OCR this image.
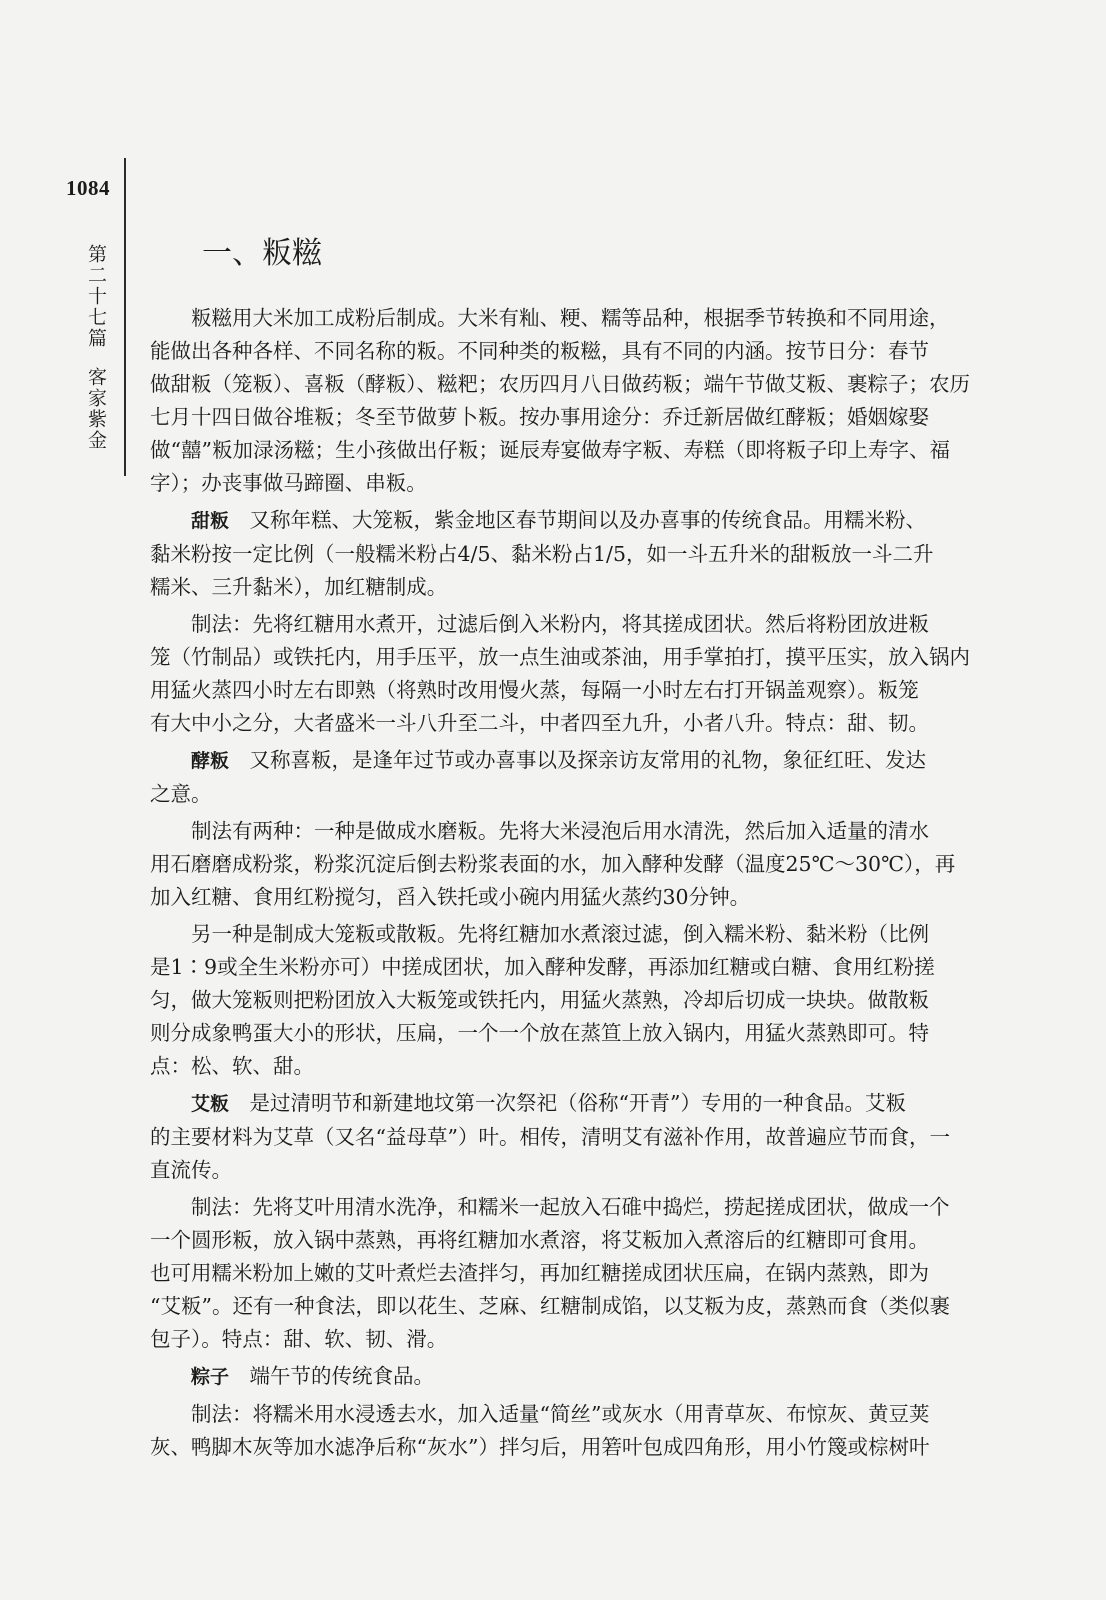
1084
第二十七篇客家紫金
一、粄糍

粄糍用大米加工成粉后制成。大米有籼、粳、糯等品种，根据季节转换和不同用途，
能做出各种各样、不同名称的粄。不同种类的粄糍，具有不同的内涵。按节日分：春节
做甜粄（笼粄）、喜粄（酵粄）、糍粑；农历四月八日做药粄；端午节做艾粄、裹粽子；农历
七月十四日做谷堆粄；冬至节做萝卜粄。按办事用途分：乔迁新居做红酵粄；婚姻嫁娶
做“囍”粄加渌汤糍；生小孩做出仔粄；诞辰寿宴做寿字粄、寿糕（即将粄子印上寿字、福
字）；办丧事做马蹄圈、串粄。

甜粄　 又称年糕、大笼粄，紫金地区春节期间以及办喜事的传统食品。用糯米粉、
黏米粉按一定比例（一般糯米粉占4/5、黏米粉占1/5，如一斗五升米的甜粄放一斗二升
糯米、三升黏米），加红糖制成。

制法：先将红糖用水煮开，过滤后倒入米粉内，将其搓成团状。然后将粉团放进粄
笼（竹制品）或铁托内，用手压平，放一点生油或茶油，用手掌拍打，摸平压实，放入锅内
用猛火蒸四小时左右即熟（将熟时改用慢火蒸，每隔一小时左右打开锅盖观察）。粄笼
有大中小之分，大者盛米一斗八升至二斗，中者四至九升，小者八升。特点：甜、韧。

酵粄　 又称喜粄，是逢年过节或办喜事以及探亲访友常用的礼物，象征红旺、发达
之意。

制法有两种：一种是做成水磨粄。先将大米浸泡后用水清洗，然后加入适量的清水
用石磨磨成粉浆，粉浆沉淀后倒去粉浆表面的水，加入酵种发酵（温度25℃～30℃），再
加入红糖、食用红粉搅匀，舀入铁托或小碗内用猛火蒸约30分钟。

另一种是制成大笼粄或散粄。先将红糖加水煮滚过滤，倒入糯米粉、黏米粉（比例
是1∶9或全生米粉亦可）中搓成团状，加入酵种发酵，再添加红糖或白糖、食用红粉搓
匀，做大笼粄则把粉团放入大粄笼或铁托内，用猛火蒸熟，冷却后切成一块块。做散粄
则分成象鸭蛋大小的形状，压扁，一个一个放在蒸笪上放入锅内，用猛火蒸熟即可。特
点：松、软、甜。

艾粄　 是过清明节和新建地坟第一次祭祀（俗称“开青”）专用的一种食品。艾粄
的主要材料为艾草（又名“益母草”）叶。相传，清明艾有滋补作用，故普遍应节而食，一
直流传。

制法：先将艾叶用清水洗净，和糯米一起放入石碓中捣烂，捞起搓成团状，做成一个
一个圆形粄，放入锅中蒸熟，再将红糖加水煮溶，将艾粄加入煮溶后的红糖即可食用。
也可用糯米粉加上嫩的艾叶煮烂去渣拌匀，再加红糖搓成团状压扁，在锅内蒸熟，即为
“艾粄”。还有一种食法，即以花生、芝麻、红糖制成馅，以艾粄为皮，蒸熟而食（类似裹
包子）。特点：甜、软、韧、滑。

粽子　 端午节的传统食品。

制法：将糯米用水浸透去水，加入适量“简丝”或灰水（用青草灰、布惊灰、黄豆荚
灰、鸭脚木灰等加水滤净后称“灰水”）拌匀后，用箬叶包成四角形，用小竹篾或棕树叶
